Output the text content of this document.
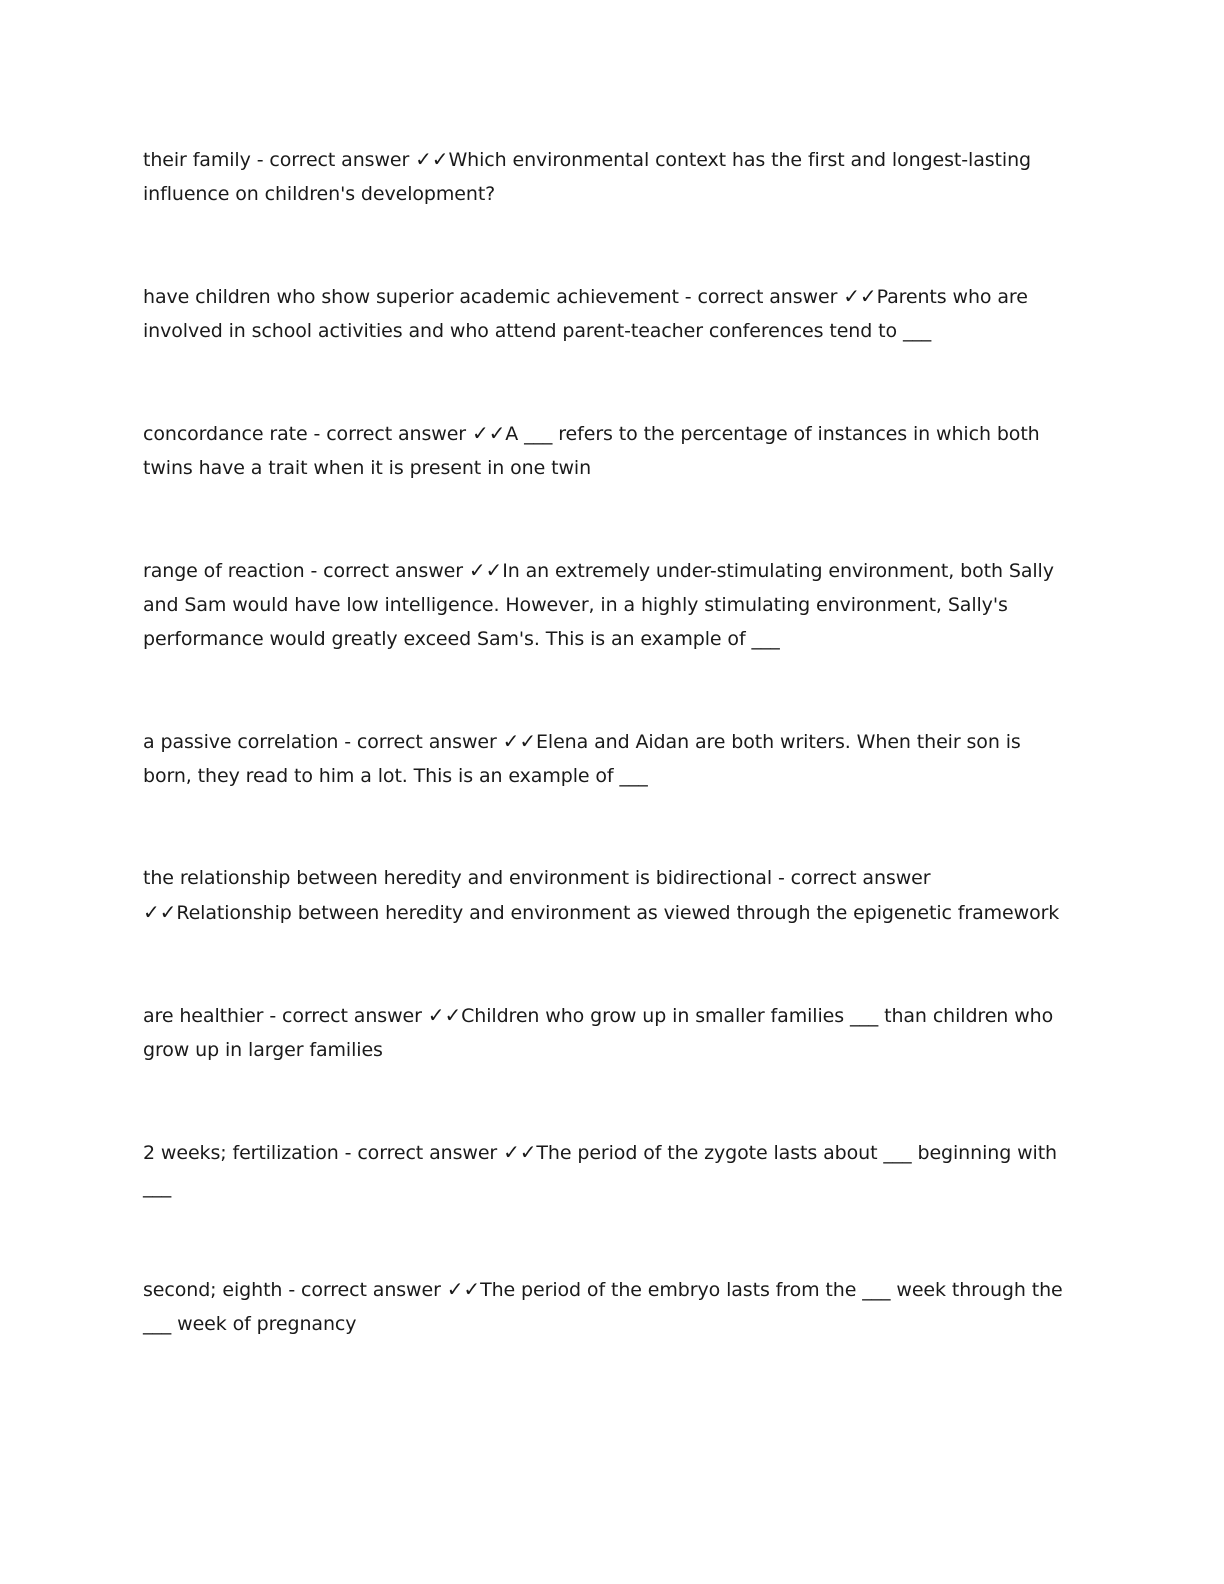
their family - correct answer ✓✓Which environmental context has the first and longest-lasting influence on children's development?
have children who show superior academic achievement - correct answer ✓✓Parents who are involved in school activities and who attend parent-teacher conferences tend to ___
concordance rate - correct answer ✓✓A ___ refers to the percentage of instances in which both twins have a trait when it is present in one twin
range of reaction - correct answer ✓✓In an extremely under-stimulating environment, both Sally and Sam would have low intelligence. However, in a highly stimulating environment, Sally's performance would greatly exceed Sam's. This is an example of ___
a passive correlation - correct answer ✓✓Elena and Aidan are both writers. When their son is born, they read to him a lot. This is an example of ___
the relationship between heredity and environment is bidirectional - correct answer ✓✓Relationship between heredity and environment as viewed through the epigenetic framework
are healthier - correct answer ✓✓Children who grow up in smaller families ___ than children who grow up in larger families
2 weeks; fertilization - correct answer ✓✓The period of the zygote lasts about ___ beginning with ___
second; eighth - correct answer ✓✓The period of the embryo lasts from the ___ week through the ___ week of pregnancy
